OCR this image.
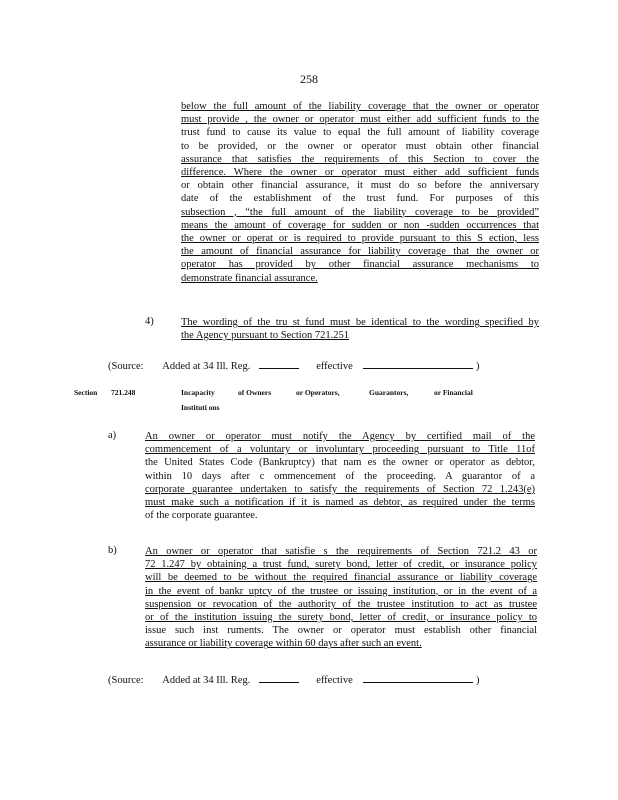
258
below the full amount of the liability coverage that the owner or operator
must provide , the owner or operator must either add sufficient funds to the
trust fund to cause its value to equal the full amount of liability coverage
to be provided, or the owner or operator must obtain other financial
assurance that satisfies the requirements of this Section to cover the
difference. Where the owner or operator must either add sufficient funds
or obtain other financial assurance, it must do so before the anniversary
date of the establishment of the trust fund. For purposes of this
subsection , “the full amount of the liability coverage to be provided”
means the amount of coverage for sudden or non -sudden occurrences that
the owner or operat or is required to provide pursuant to this S ection, less
the amount of financial assurance for liability coverage that the owner or
operator has provided by other financial assurance mechanisms to
demonstrate financial assurance.
4)	The wording of the tru st fund must be identical to the wording specified by
the Agency pursuant to Section 721.251
(Source: Added at 34 Ill. Reg.	effective	)
Section 721.248	Incapacity	of Owners	or Operators,	Guarantors,	or Financial
Instituti ons
a)	An owner or operator must notify the Agency by certified mail of the
commencement of a voluntary or involuntary proceeding pursuant to Title 11of
the United States Code (Bankruptcy) that nam es the owner or operator as debtor,
within 10 days after c ommencement of the proceeding. A guarantor of a
corporate guarantee undertaken to satisfy the requirements of Section 72 1.243(e)
must make such a notification if it is named as debtor, as required under the terms
of the corporate guarantee.
b)	An owner or operator that satisfie s the requirements of Section 721.2 43 or
72 1.247 by obtaining a trust fund, surety bond, letter of credit, or insurance policy
will be deemed to be without the required financial assurance or liability coverage
in the event of bankr uptcy of the trustee or issuing institution, or in the event of a
suspension or revocation of the authority of the trustee institution to act as trustee
or of the institution issuing the surety bond, letter of credit, or insurance policy to
issue such inst ruments. The owner or operator must establish other financial
assurance or liability coverage within 60 days after such an event.
(Source: Added at 34 Ill. Reg.	effective	)
